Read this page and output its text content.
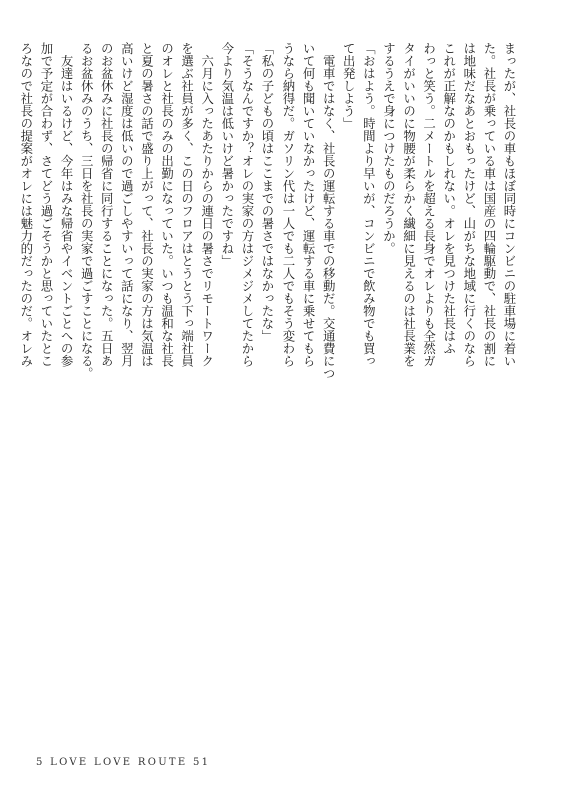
「私の子どもの頃はここまでの暑さではなかったな」
「そうなんですか？オレの実家の方はジメジメしてたから
今より気温は低いけど暑かったですね」
　六月に入ったあたりからの連日の暑さでリモートワーク
を選ぶ社員が多く、この日のフロアはとうとう下っ端社員
のオレと社長のみの出勤になっていた。いつも温和な社長
と夏の暑さの話で盛り上がって、社長の実家の方は気温は
高いけど湿度は低いので過ごしやすいって話になり、翌月
のお盆休みに社長の帰省に同行することになった。五日あ
るお盆休みのうち、三日を社長の実家で過ごすことになる。
　友達はいるけど、今年はみな帰省やイベントごとへの参
加で予定が合わず、さてどう過ごそうかと思っていたとこ
ろなので社長の提案がオレには魅力的だったのだ。オレみ	まったが、社長の車もほぼ同時にコンビニの駐車場に着い
た。社長が乗っている車は国産の四輪駆動で、社長の割に
は地味だなあとおもったけど、山がちな地域に行くのなら
これが正解なのかもしれない。オレを見つけた社長はふ
わっと笑う。二メートルを超える長身でオレよりも全然ガ
タイがいいのに物腰が柔らかく繊細に見えるのは社長業を
するうえで身につけたものだろうか。
「おはよう。時間より早いが、コンビニで飲み物でも買っ
て出発しよう」
　電車ではなく、社長の運転する車での移動だ。交通費につ
いて何も聞いていなかったけど、運転する車に乗せてもら
うなら納得だ。ガソリン代は一人でも二人でもそう変わら
5 LOVE LOVE ROUTE 51
